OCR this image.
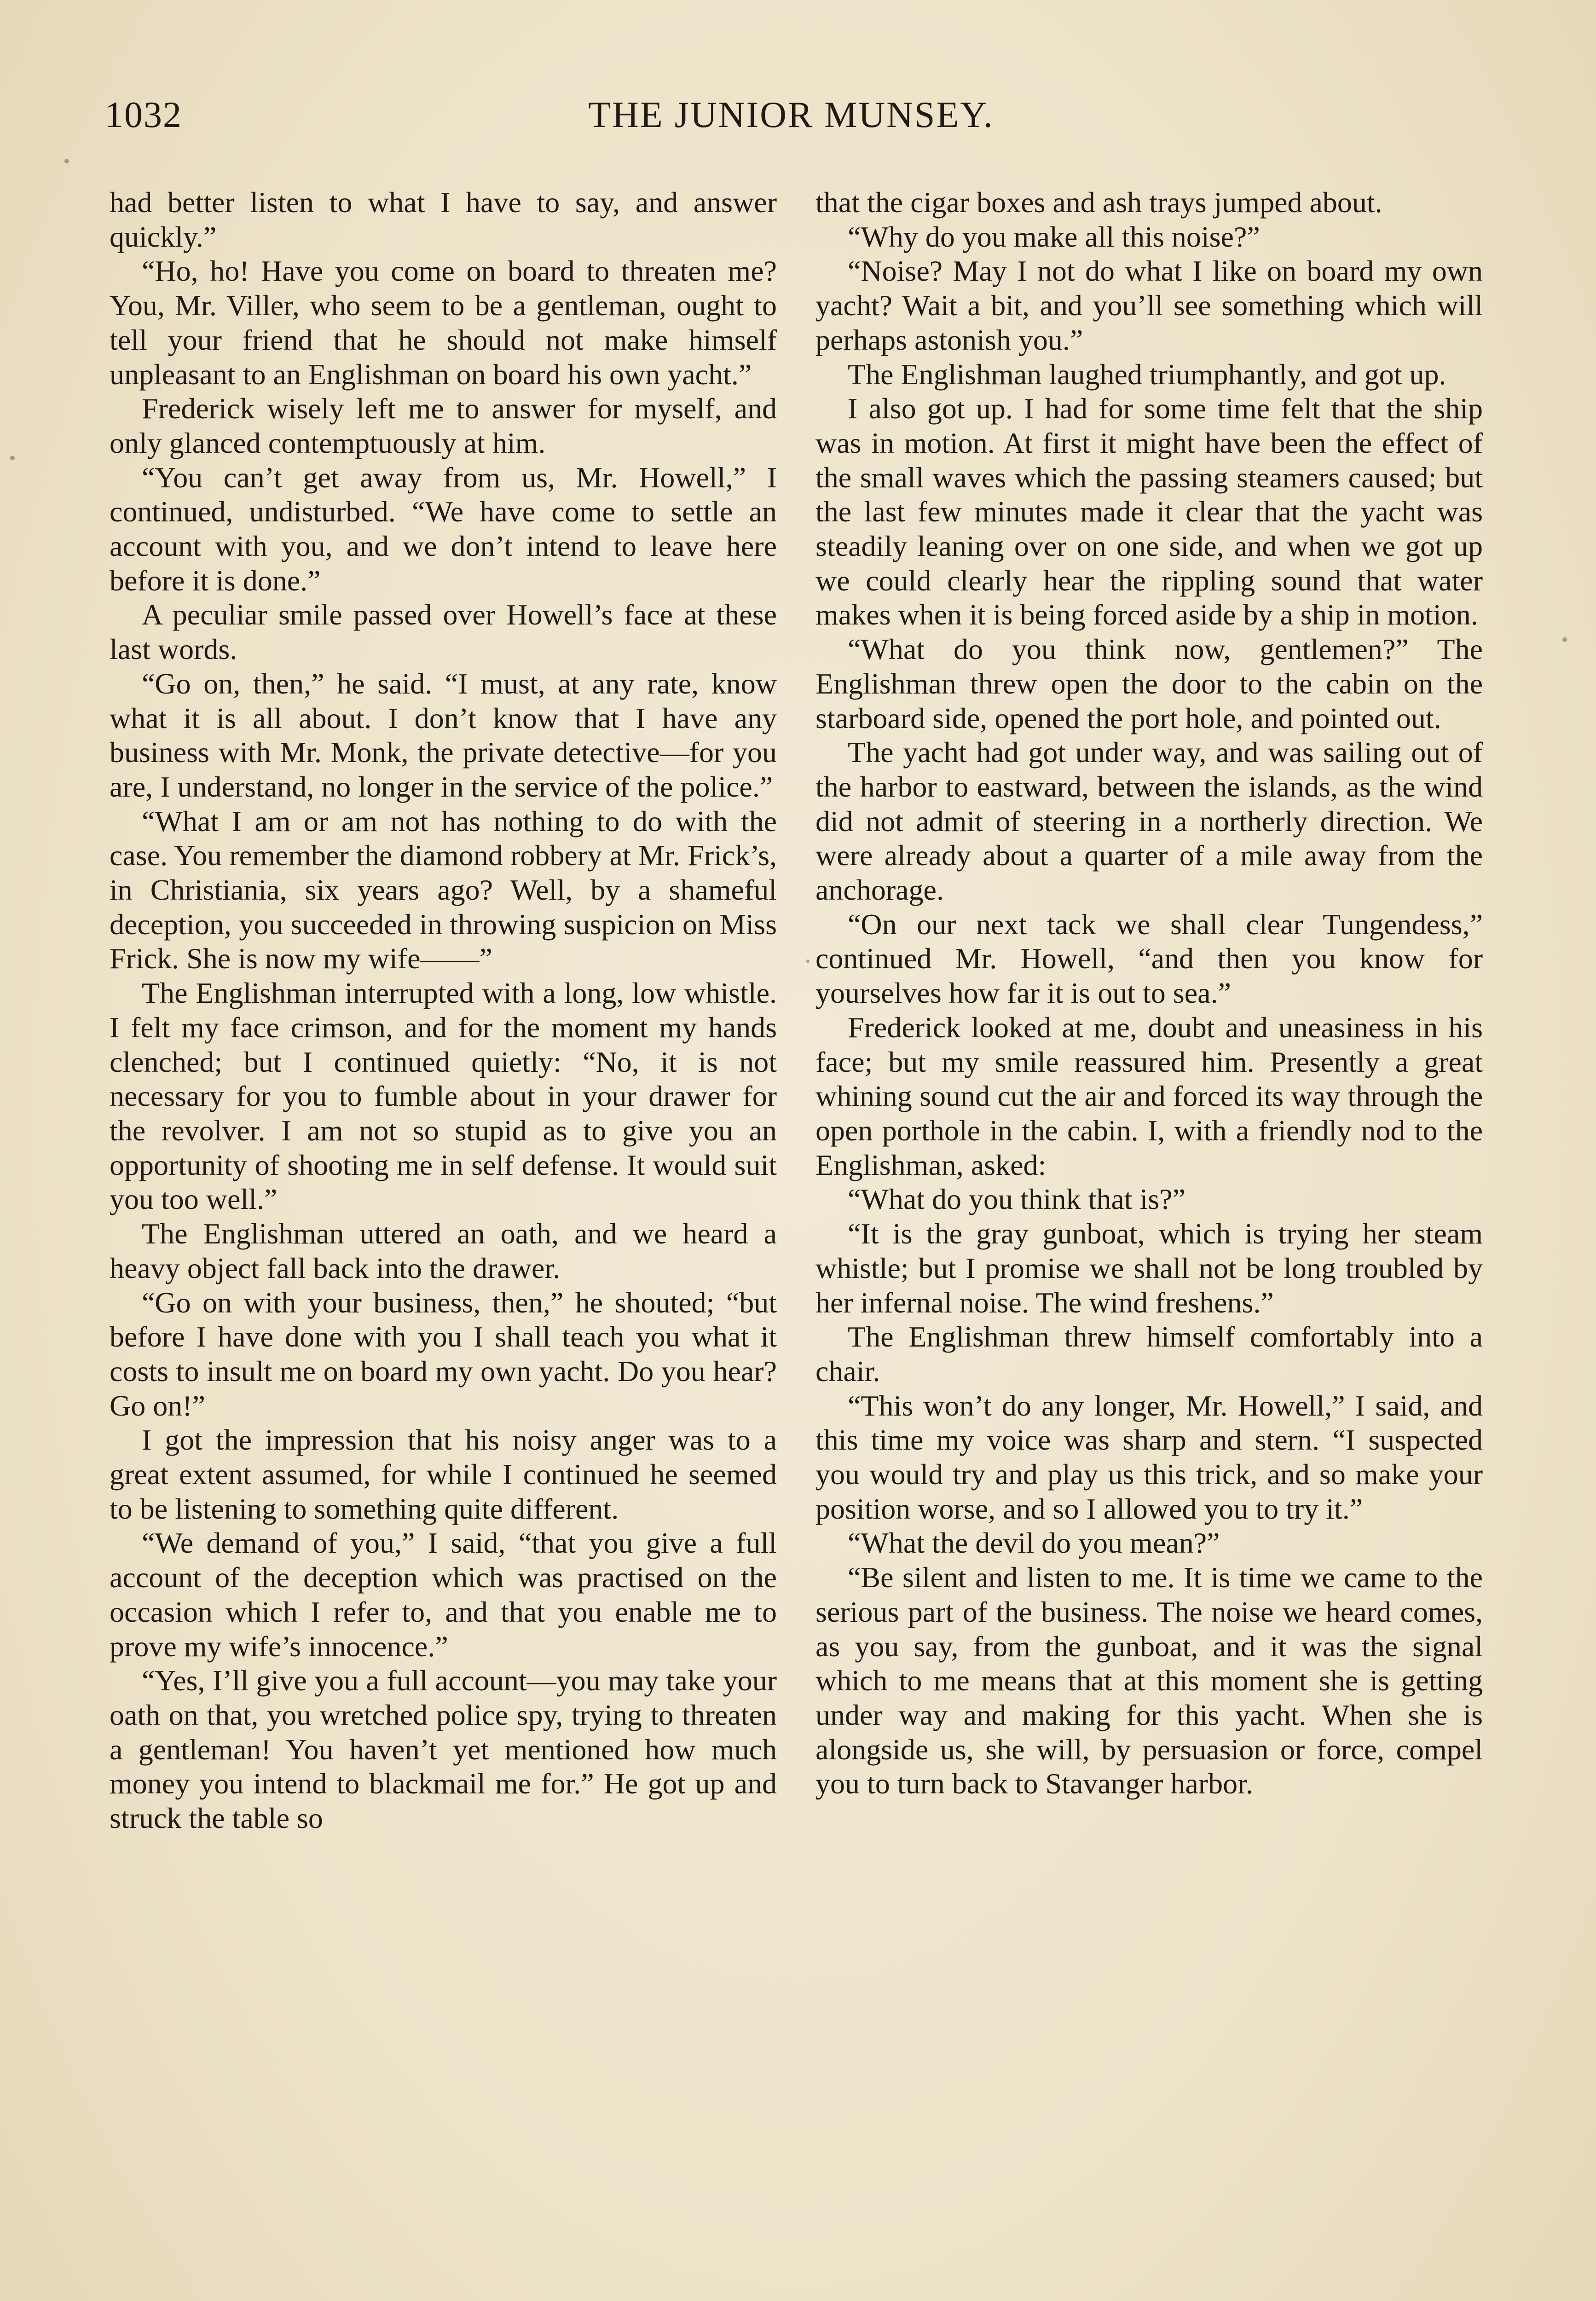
1032	THE JUNIOR MUNSEY.

had better listen to what I have to say, and answer quickly.”

“Ho, ho! Have you come on board to threaten me? You, Mr. Viller, who seem to be a gentleman, ought to tell your friend that he should not make himself unpleasant to an Englishman on board his own yacht.”

Frederick wisely left me to answer for myself, and only glanced contemptuously at him.

“You can’t get away from us, Mr. Howell,” I continued, undisturbed. “We have come to settle an account with you, and we don’t intend to leave here before it is done.”

A peculiar smile passed over Howell’s face at these last words.

“Go on, then,” he said. “I must, at any rate, know what it is all about. I don’t know that I have any business with Mr. Monk, the private detective—for you are, I understand, no longer in the service of the police.”

“What I am or am not has nothing to do with the case. You remember the diamond robbery at Mr. Frick’s, in Christiania, six years ago? Well, by a shameful deception, you succeeded in throwing suspicion on Miss Frick. She is now my wife——”

The Englishman interrupted with a long, low whistle. I felt my face crimson, and for the moment my hands clenched; but I continued quietly: “No, it is not necessary for you to fumble about in your drawer for the revolver. I am not so stupid as to give you an opportunity of shooting me in self defense. It would suit you too well.”

The Englishman uttered an oath, and we heard a heavy object fall back into the drawer.

“Go on with your business, then,” he shouted; “but before I have done with you I shall teach you what it costs to insult me on board my own yacht. Do you hear? Go on!”

I got the impression that his noisy anger was to a great extent assumed, for while I continued he seemed to be listening to something quite different.

“We demand of you,” I said, “that you give a full account of the deception which was practised on the occasion which I refer to, and that you enable me to prove my wife’s innocence.”

“Yes, I’ll give you a full account—you may take your oath on that, you wretched police spy, trying to threaten a gentleman! You haven’t yet mentioned how much money you intend to blackmail me for.” He got up and struck the table so

that the cigar boxes and ash trays jumped about.

“Why do you make all this noise?”

“Noise? May I not do what I like on board my own yacht? Wait a bit, and you’ll see something which will perhaps astonish you.”

The Englishman laughed triumphantly, and got up.

I also got up. I had for some time felt that the ship was in motion. At first it might have been the effect of the small waves which the passing steamers caused; but the last few minutes made it clear that the yacht was steadily leaning over on one side, and when we got up we could clearly hear the rippling sound that water makes when it is being forced aside by a ship in motion.

“What do you think now, gentlemen?” The Englishman threw open the door to the cabin on the starboard side, opened the port hole, and pointed out.

The yacht had got under way, and was sailing out of the harbor to eastward, between the islands, as the wind did not admit of steering in a northerly direction. We were already about a quarter of a mile away from the anchorage.

“On our next tack we shall clear Tungendess,” continued Mr. Howell, “and then you know for yourselves how far it is out to sea.”

Frederick looked at me, doubt and uneasiness in his face; but my smile reassured him. Presently a great whining sound cut the air and forced its way through the open porthole in the cabin. I, with a friendly nod to the Englishman, asked:

“What do you think that is?”

“It is the gray gunboat, which is trying her steam whistle; but I promise we shall not be long troubled by her infernal noise. The wind freshens.”

The Englishman threw himself comfortably into a chair.

“This won’t do any longer, Mr. Howell,” I said, and this time my voice was sharp and stern. “I suspected you would try and play us this trick, and so make your position worse, and so I allowed you to try it.”

“What the devil do you mean?”

“Be silent and listen to me. It is time we came to the serious part of the business. The noise we heard comes, as you say, from the gunboat, and it was the signal which to me means that at this moment she is getting under way and making for this yacht. When she is alongside us, she will, by persuasion or force, compel you to turn back to Stavanger harbor.
